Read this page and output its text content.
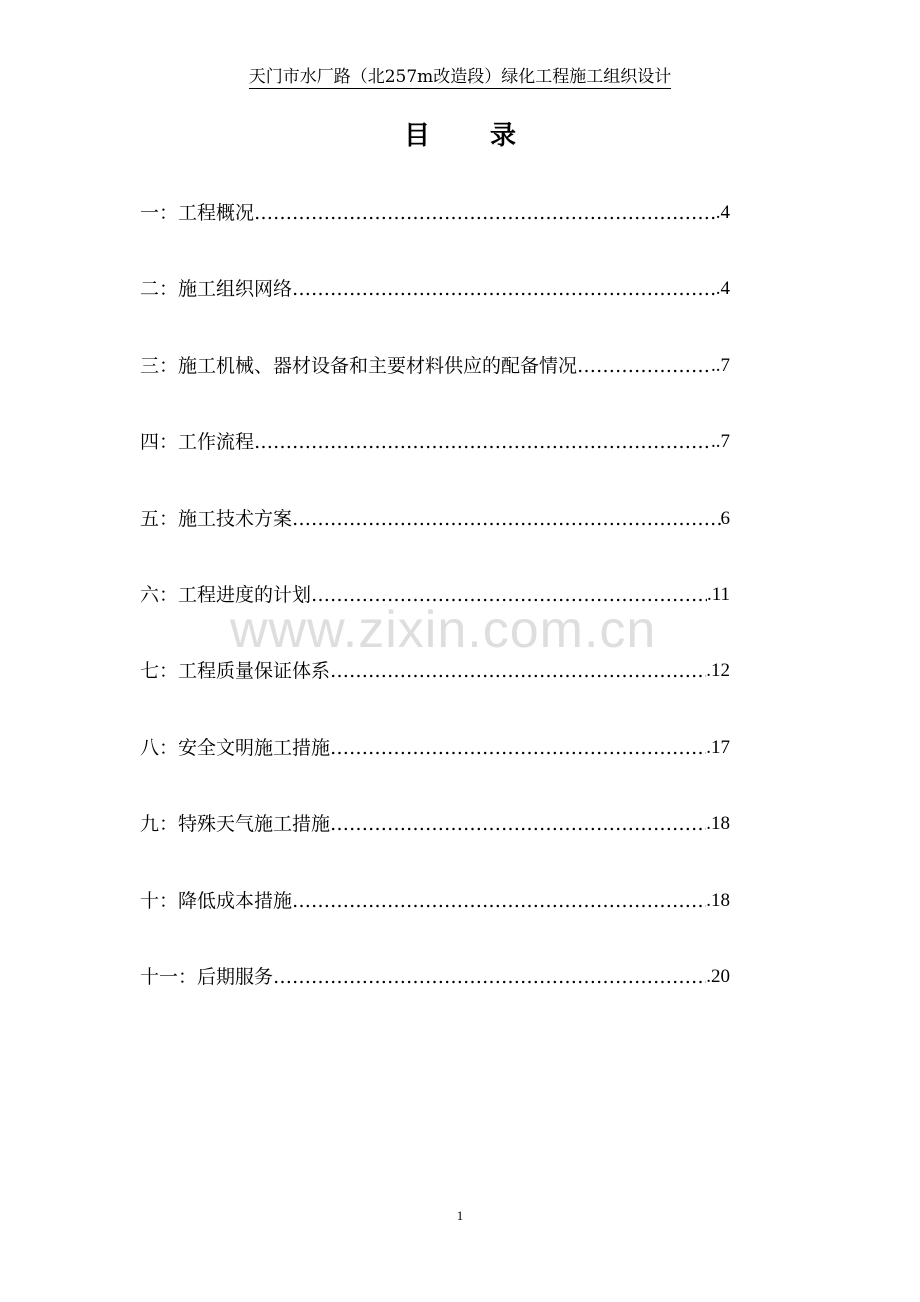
天门市水厂路（北257m改造段）绿化工程施工组织设计
目录
一：工程概况 ……………………………………………………………………………………………………………………	.4
二：施工组织网络 ……………………………………………………………………………………………………………………	.4
三：施工机械、器材设备和主要材料供应的配备情况 ……………………………………………………………………………………………………………………	..7
四：工作流程 ……………………………………………………………………………………………………………………	..7
五：施工技术方案 ……………………………………………………………………………………………………………………	6
六：工程进度的计划 ……………………………………………………………………………………………………………………	.11
七：工程质量保证体系 ……………………………………………………………………………………………………………………	.12
八：安全文明施工措施 ……………………………………………………………………………………………………………………	.17
九：特殊天气施工措施 ……………………………………………………………………………………………………………………	.18
十：降低成本措施 ……………………………………………………………………………………………………………………	.18
十一：后期服务 ……………………………………………………………………………………………………………………	.20
www.zixin.com.cn
1
